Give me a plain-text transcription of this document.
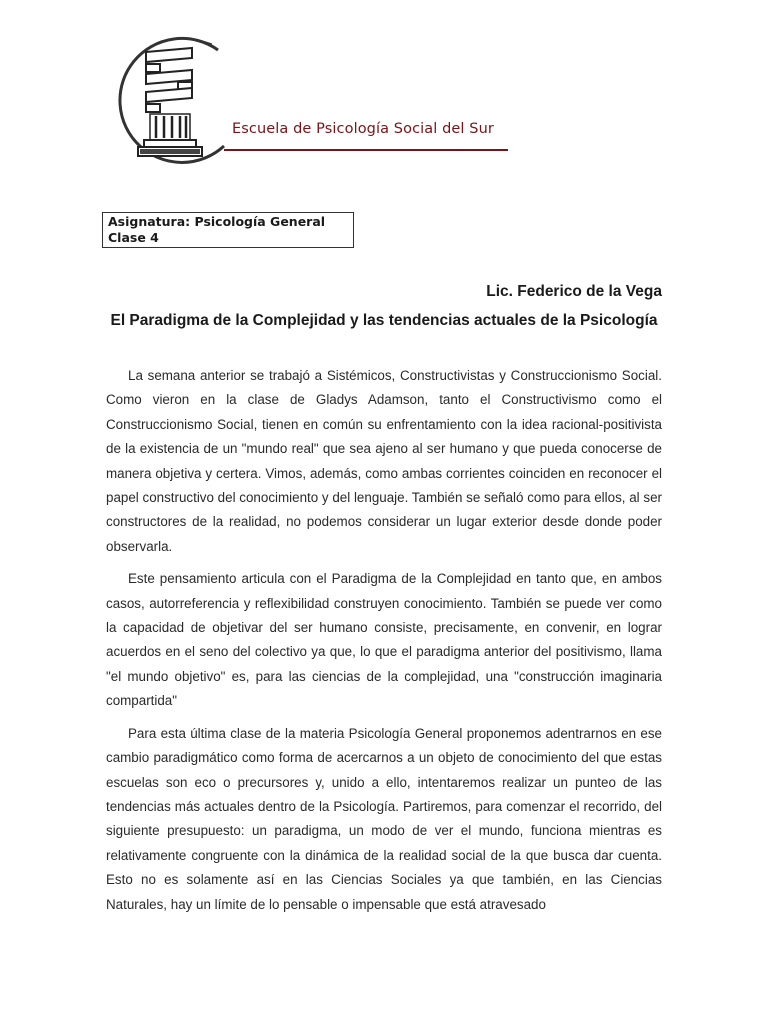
Escuela de Psicología Social del Sur
Asignatura: Psicología General
Clase 4
Lic. Federico de la Vega
El Paradigma de la Complejidad y las tendencias actuales de la Psicología

La semana anterior se trabajó a Sistémicos, Constructivistas y Construccionismo Social. Como vieron en la clase de Gladys Adamson, tanto el Constructivismo como el Construccionismo Social, tienen en común su enfrentamiento con la idea racional-positivista de la existencia de un "mundo real" que sea ajeno al ser humano y que pueda conocerse de manera objetiva y certera. Vimos, además, como ambas corrientes coinciden en reconocer el papel constructivo del conocimiento y del lenguaje. También se señaló como para ellos, al ser constructores de la realidad, no podemos considerar un lugar exterior desde donde poder observarla.

Este pensamiento articula con el Paradigma de la Complejidad en tanto que, en ambos casos, autorreferencia y reflexibilidad construyen conocimiento. También se puede ver como la capacidad de objetivar del ser humano consiste, precisamente, en convenir, en lograr acuerdos en el seno del colectivo ya que, lo que el paradigma anterior del positivismo, llama "el mundo objetivo" es, para las ciencias de la complejidad, una "construcción imaginaria compartida"

Para esta última clase de la materia Psicología General proponemos adentrarnos en ese cambio paradigmático como forma de acercarnos a un objeto de conocimiento del que estas escuelas son eco o precursores y, unido a ello, intentaremos realizar un punteo de las tendencias más actuales dentro de la Psicología. Partiremos, para comenzar el recorrido, del siguiente presupuesto: un paradigma, un modo de ver el mundo, funciona mientras es relativamente congruente con la dinámica de la realidad social de la que busca dar cuenta. Esto no es solamente así en las Ciencias Sociales ya que también, en las Ciencias Naturales, hay un límite de lo pensable o impensable que está atravesado
